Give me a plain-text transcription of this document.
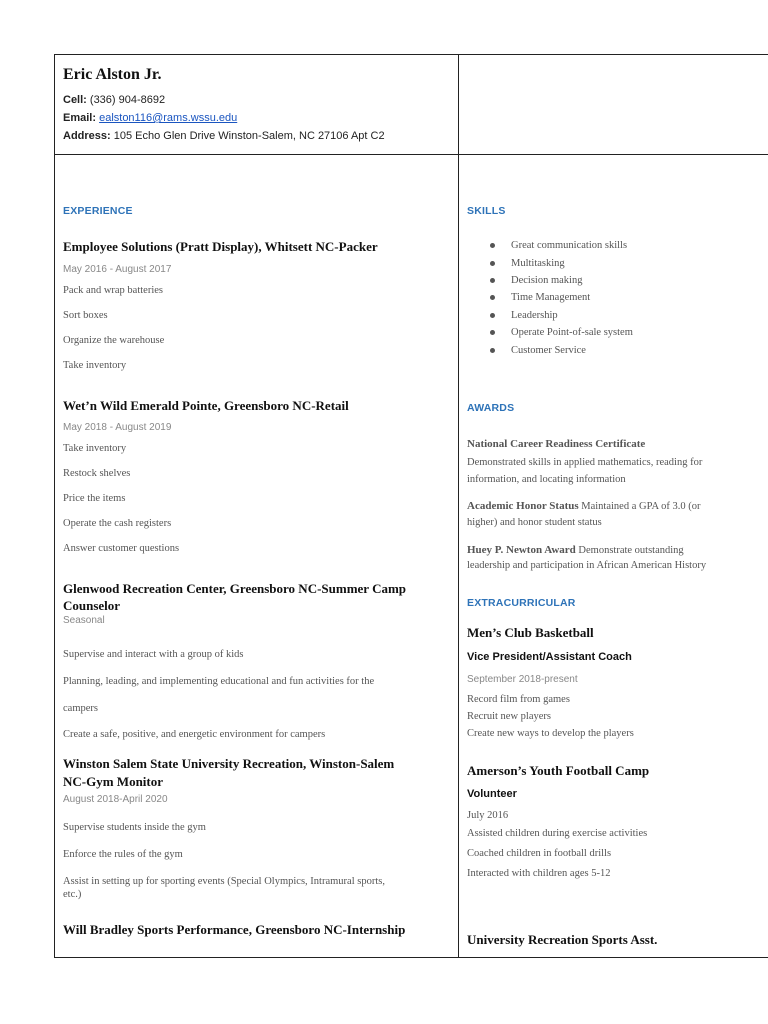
Eric Alston Jr.
Cell: (336) 904-8692
Email: ealston116@rams.wssu.edu
Address: 105 Echo Glen Drive Winston-Salem, NC 27106 Apt C2
EXPERIENCE
Employee Solutions (Pratt Display), Whitsett NC-Packer
May 2016 - August 2017
Pack and wrap batteries
Sort boxes
Organize the warehouse
Take inventory
Wet’n Wild Emerald Pointe, Greensboro NC-Retail
May 2018 - August 2019
Take inventory
Restock shelves
Price the items
Operate the cash registers
Answer customer questions
Glenwood Recreation Center, Greensboro NC-Summer Camp
Counselor
Seasonal
Supervise and interact with a group of kids
Planning, leading, and implementing educational and fun activities for the
campers
Create a safe, positive, and energetic environment for campers
Winston Salem State University Recreation, Winston-Salem
NC-Gym Monitor
August 2018-April 2020
Supervise students inside the gym
Enforce the rules of the gym
Assist in setting up for sporting events (Special Olympics, Intramural sports,
etc.)
Will Bradley Sports Performance, Greensboro NC-Internship
SKILLS
Great communication skills
Multitasking
Decision making
Time Management
Leadership
Operate Point-of-sale system
Customer Service
AWARDS
National Career Readiness Certificate
Demonstrated skills in applied mathematics, reading for
information, and locating information
Academic Honor Status Maintained a GPA of 3.0 (or
higher) and honor student status
Huey P. Newton Award Demonstrate outstanding
leadership and participation in African American History
EXTRACURRICULAR
Men’s Club Basketball
Vice President/Assistant Coach
September 2018-present
Record film from games
Recruit new players
Create new ways to develop the players
Amerson’s Youth Football Camp
Volunteer
July 2016
Assisted children during exercise activities
Coached children in football drills
Interacted with children ages 5-12
University Recreation Sports Asst.
